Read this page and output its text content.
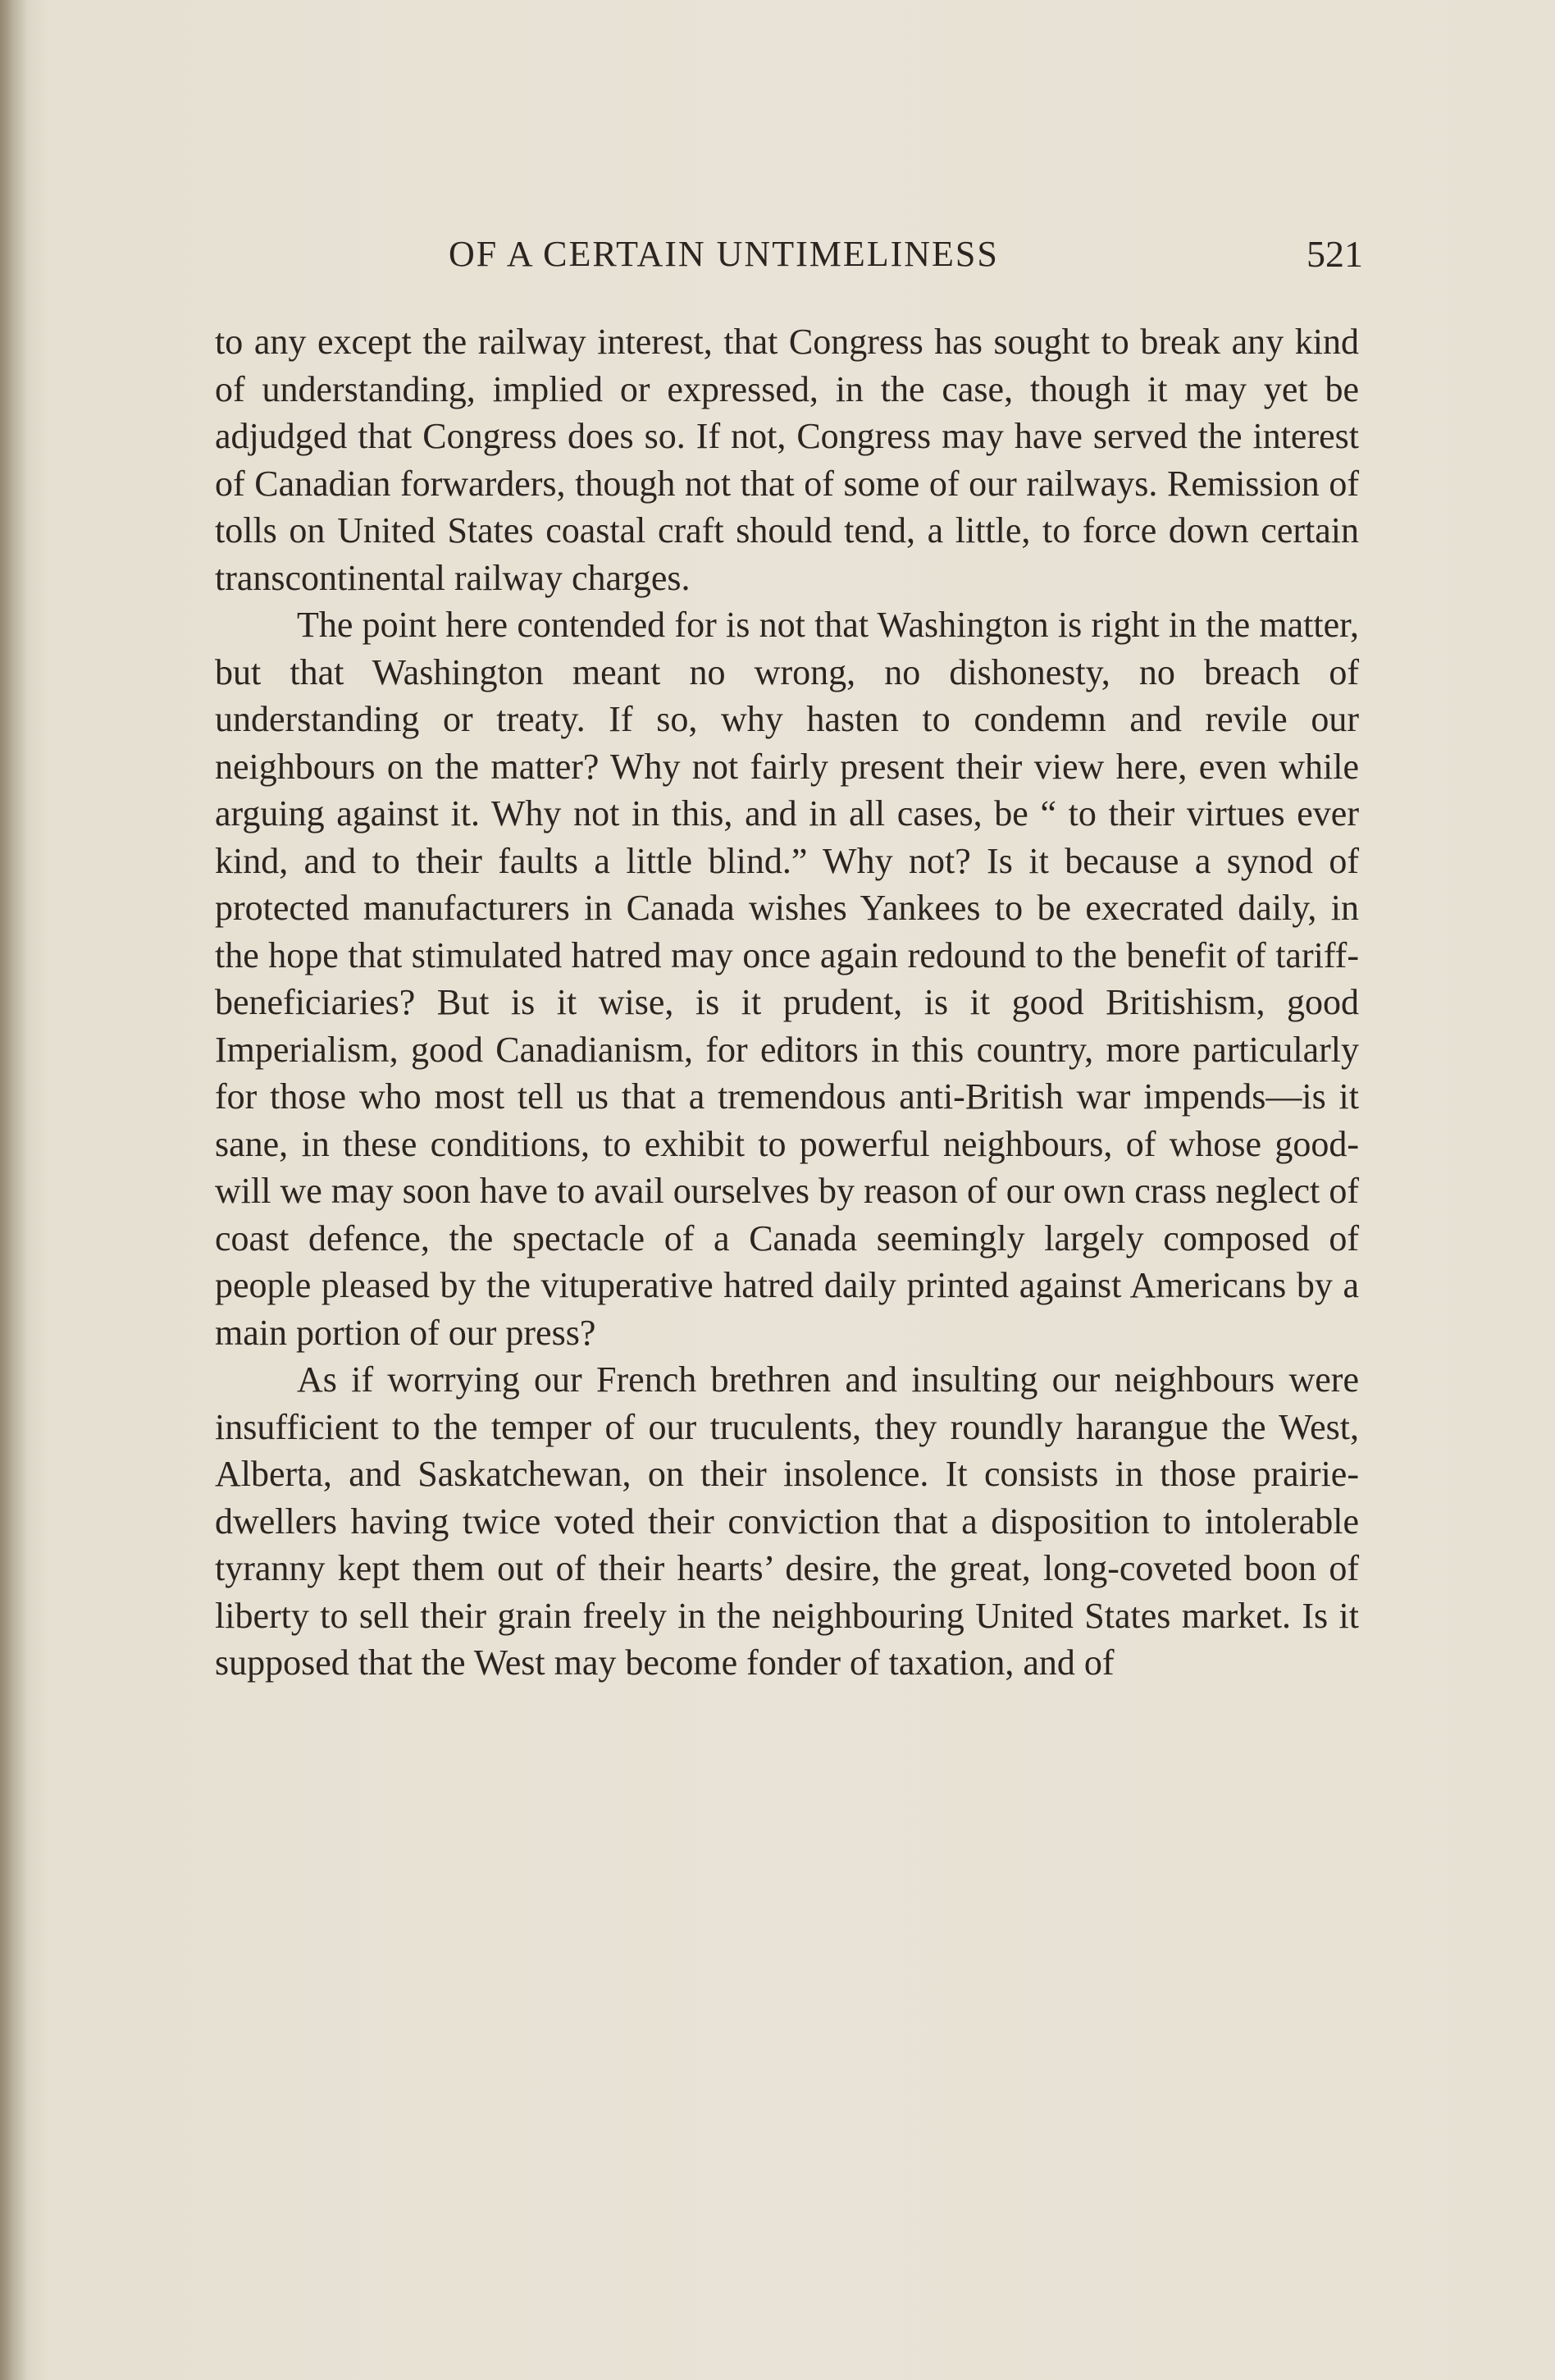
OF A CERTAIN UNTIMELINESS	521

to any except the railway interest, that Congress has sought to break any kind of understanding, implied or expressed, in the case, though it may yet be adjudged that Congress does so. If not, Congress may have served the interest of Canadian forwarders, though not that of some of our railways. Remission of tolls on United States coastal craft should tend, a little, to force down certain transcontinental railway charges.

The point here contended for is not that Washington is right in the matter, but that Washington meant no wrong, no dishonesty, no breach of understanding or treaty. If so, why hasten to condemn and revile our neighbours on the matter? Why not fairly present their view here, even while arguing against it. Why not in this, and in all cases, be “ to their virtues ever kind, and to their faults a little blind.” Why not? Is it because a synod of protected manufacturers in Canada wishes Yankees to be execrated daily, in the hope that stimulated hatred may once again redound to the benefit of tariff-beneficiaries? But is it wise, is it prudent, is it good Britishism, good Imperialism, good Canadianism, for editors in this country, more particularly for those who most tell us that a tremendous anti-British war impends—is it sane, in these conditions, to exhibit to powerful neighbours, of whose good-will we may soon have to avail ourselves by reason of our own crass neglect of coast defence, the spectacle of a Canada seemingly largely composed of people pleased by the vituperative hatred daily printed against Americans by a main portion of our press?

As if worrying our French brethren and insulting our neighbours were insufficient to the temper of our truculents, they roundly harangue the West, Alberta, and Saskatchewan, on their insolence. It consists in those prairie-dwellers having twice voted their conviction that a disposition to intolerable tyranny kept them out of their hearts’ desire, the great, long-coveted boon of liberty to sell their grain freely in the neighbouring United States market. Is it supposed that the West may become fonder of taxation, and of
